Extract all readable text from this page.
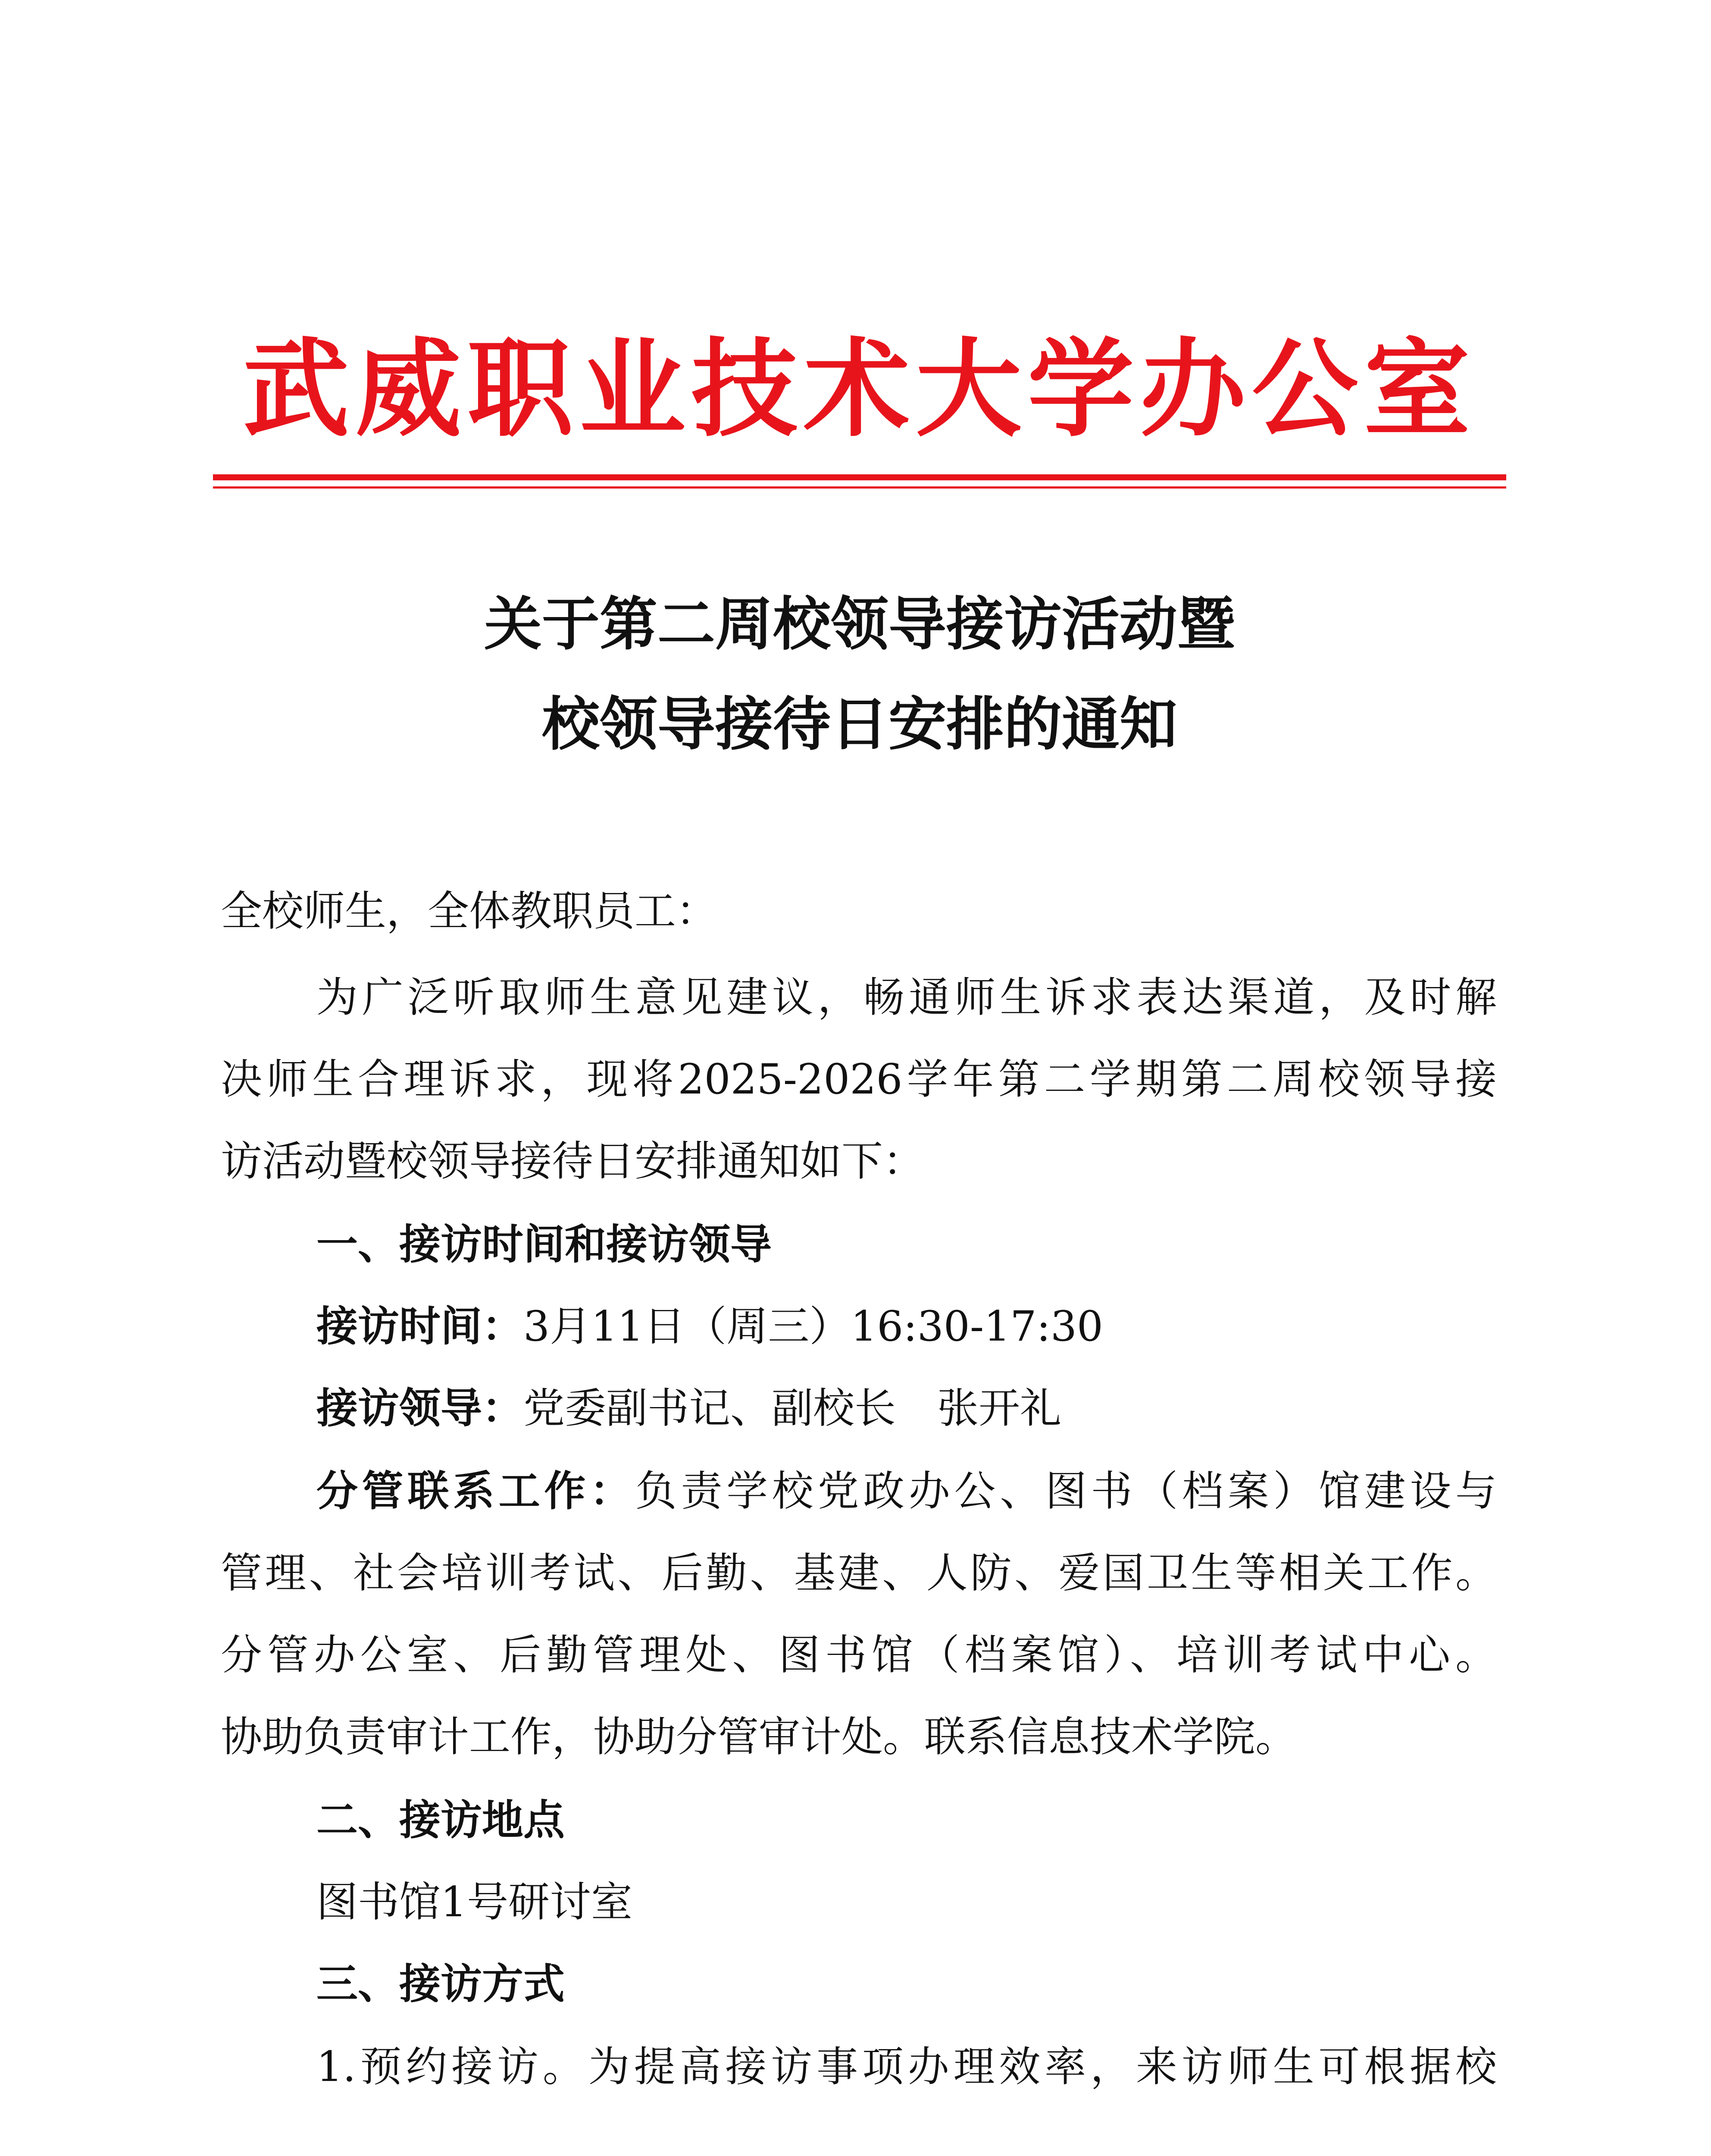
武威职业技术大学办公室
关于第二周校领导接访活动暨
校领导接待日安排的通知
全校师生，全体教职员工：
为广泛听取师生意见建议，畅通师生诉求表达渠道，及时解
决师生合理诉求，现将2025-2026学年第二学期第二周校领导接
访活动暨校领导接待日安排通知如下：
一、接访时间和接访领导
接访时间：3月11日（周三）16:30-17:30
接访领导：党委副书记、副校长　张开礼
分管联系工作：负责学校党政办公、图书（档案）馆建设与
管理、社会培训考试、后勤、基建、人防、爱国卫生等相关工作。
分管办公室、后勤管理处、图书馆（档案馆）、培训考试中心。
协助负责审计工作，协助分管审计处。联系信息技术学院。
二、接访地点
图书馆1号研讨室
三、接访方式
1.预约接访。为提高接访事项办理效率，来访师生可根据校
